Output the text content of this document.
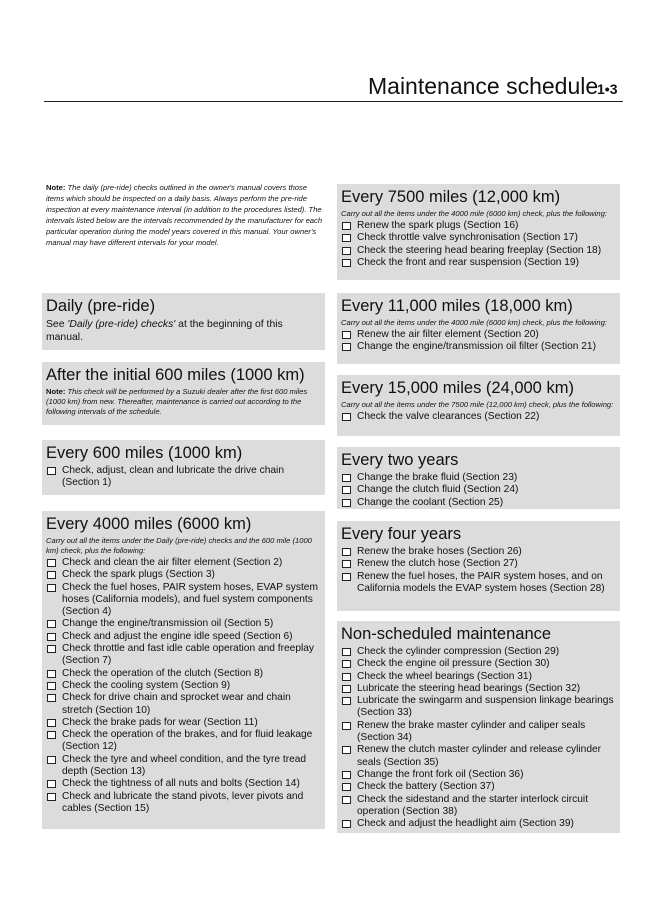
Maintenance schedule
1•3
Note: The daily (pre-ride) checks outlined in the owner's manual covers those items which should be inspected on a daily basis. Always perform the pre-ride inspection at every maintenance interval (in addition to the procedures listed). The intervals listed below are the intervals recommended by the manufacturer for each particular operation during the model years covered in this manual. Your owner's manual may have different intervals for your model.
Daily (pre-ride)
See 'Daily (pre-ride) checks' at the beginning of this manual.
After the initial 600 miles (1000 km)
Note: This check will be performed by a Suzuki dealer after the first 600 miles (1000 km) from new. Thereafter, maintenance is carried out according to the following intervals of the schedule.
Every 600 miles (1000 km)
Check, adjust, clean and lubricate the drive chain (Section 1)
Every 4000 miles (6000 km)
Carry out all the items under the Daily (pre-ride) checks and the 600 mile (1000 km) check, plus the following:
Check and clean the air filter element (Section 2)
Check the spark plugs (Section 3)
Check the fuel hoses, PAIR system hoses, EVAP system hoses (California models), and fuel system components (Section 4)
Change the engine/transmission oil (Section 5)
Check and adjust the engine idle speed (Section 6)
Check throttle and fast idle cable operation and freeplay (Section 7)
Check the operation of the clutch (Section 8)
Check the cooling system (Section 9)
Check for drive chain and sprocket wear and chain stretch (Section 10)
Check the brake pads for wear (Section 11)
Check the operation of the brakes, and for fluid leakage (Section 12)
Check the tyre and wheel condition, and the tyre tread depth (Section 13)
Check the tightness of all nuts and bolts (Section 14)
Check and lubricate the stand pivots, lever pivots and cables (Section 15)
Every 7500 miles (12,000 km)
Carry out all the items under the 4000 mile (6000 km) check, plus the following:
Renew the spark plugs (Section 16)
Check throttle valve synchronisation (Section 17)
Check the steering head bearing freeplay (Section 18)
Check the front and rear suspension (Section 19)
Every 11,000 miles (18,000 km)
Carry out all the items under the 4000 mile (6000 km) check, plus the following:
Renew the air filter element (Section 20)
Change the engine/transmission oil filter (Section 21)
Every 15,000 miles (24,000 km)
Carry out all the items under the 7500 mile (12,000 km) check, plus the following:
Check the valve clearances (Section 22)
Every two years
Change the brake fluid (Section 23)
Change the clutch fluid (Section 24)
Change the coolant (Section 25)
Every four years
Renew the brake hoses (Section 26)
Renew the clutch hose (Section 27)
Renew the fuel hoses, the PAIR system hoses, and on California models the EVAP system hoses (Section 28)
Non-scheduled maintenance
Check the cylinder compression (Section 29)
Check the engine oil pressure (Section 30)
Check the wheel bearings (Section 31)
Lubricate the steering head bearings (Section 32)
Lubricate the swingarm and suspension linkage bearings (Section 33)
Renew the brake master cylinder and caliper seals (Section 34)
Renew the clutch master cylinder and release cylinder seals (Section 35)
Change the front fork oil (Section 36)
Check the battery (Section 37)
Check the sidestand and the starter interlock circuit operation (Section 38)
Check and adjust the headlight aim (Section 39)
